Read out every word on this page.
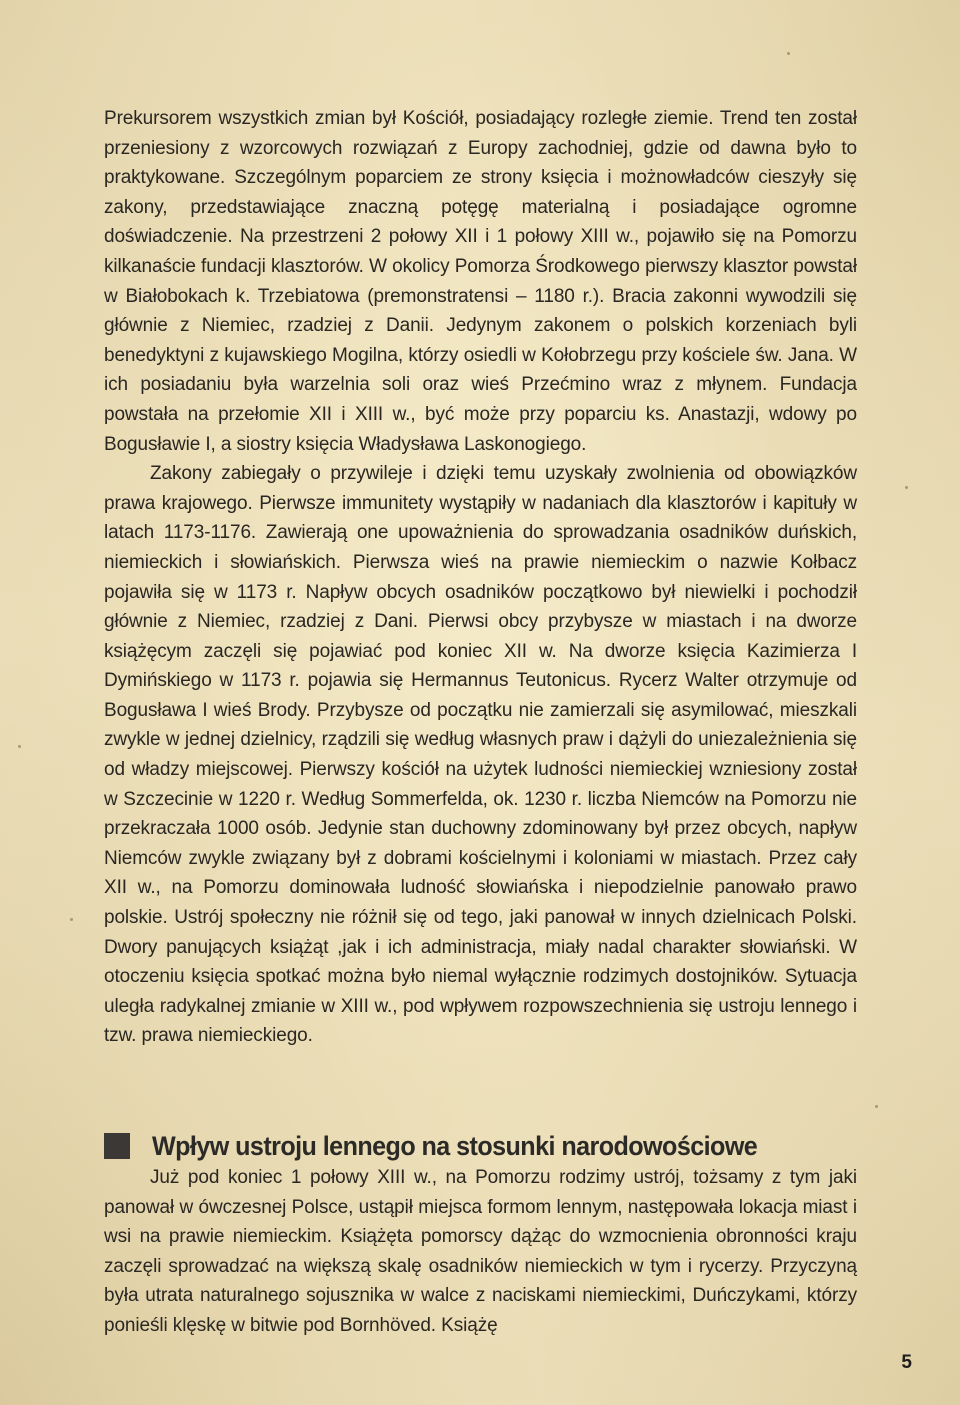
Prekursorem wszystkich zmian był Kościół, posiadający rozległe ziemie. Trend ten został przeniesiony z wzorcowych rozwiązań z Europy zachodniej, gdzie od dawna było to praktykowane. Szczególnym poparciem ze strony księcia i możnowładców cieszyły się zakony, przedstawiające znaczną potęgę materialną i posiadające ogromne doświadczenie. Na przestrzeni 2 połowy XII i 1 połowy XIII w., pojawiło się na Pomorzu kilkanaście fundacji klasztorów. W okolicy Pomorza Środkowego pierwszy klasztor powstał w Białobokach k. Trzebiatowa (premonstratensi – 1180 r.). Bracia zakonni wywodzili się głównie z Niemiec, rzadziej z Danii. Jedynym zakonem o polskich korzeniach byli benedyktyni z kujawskiego Mogilna, którzy osiedli w Kołobrzegu przy kościele św. Jana. W ich posiadaniu była warzelnia soli oraz wieś Przećmino wraz z młynem. Fundacja powstała na przełomie XII i XIII w., być może przy poparciu ks. Anastazji, wdowy po Bogusławie I, a siostry księcia Władysława Laskonogiego.

Zakony zabiegały o przywileje i dzięki temu uzyskały zwolnienia od obowiązków prawa krajowego. Pierwsze immunitety wystąpiły w nadaniach dla klasztorów i kapituły w latach 1173-1176. Zawierają one upoważnienia do sprowadzania osadników duńskich, niemieckich i słowiańskich. Pierwsza wieś na prawie niemieckim o nazwie Kołbacz pojawiła się w 1173 r. Napływ obcych osadników początkowo był niewielki i pochodził głównie z Niemiec, rzadziej z Dani. Pierwsi obcy przybysze w miastach i na dworze książęcym zaczęli się pojawiać pod koniec XII w. Na dworze księcia Kazimierza I Dymińskiego w 1173 r. pojawia się Hermannus Teutonicus. Rycerz Walter otrzymuje od Bogusława I wieś Brody. Przybysze od początku nie zamierzali się asymilować, mieszkali zwykle w jednej dzielnicy, rządzili się według własnych praw i dążyli do uniezależnienia się od władzy miejscowej. Pierwszy kościół na użytek ludności niemieckiej wzniesiony został w Szczecinie w 1220 r. Według Sommerfelda, ok. 1230 r. liczba Niemców na Pomorzu nie przekraczała 1000 osób. Jedynie stan duchowny zdominowany był przez obcych, napływ Niemców zwykle związany był z dobrami kościelnymi i koloniami w miastach. Przez cały XII w., na Pomorzu dominowała ludność słowiańska i niepodzielnie panowało prawo polskie. Ustrój społeczny nie różnił się od tego, jaki panował w innych dzielnicach Polski. Dwory panujących książąt ,jak i ich administracja, miały nadal charakter słowiański. W otoczeniu księcia spotkać można było niemal wyłącznie rodzimych dostojników. Sytuacja uległa radykalnej zmianie w XIII w., pod wpływem rozpowszechnienia się ustroju lennego i tzw. prawa niemieckiego.

Wpływ ustroju lennego na stosunki narodowościowe

Już pod koniec 1 połowy XIII w., na Pomorzu rodzimy ustrój, tożsamy z tym jaki panował w ówczesnej Polsce, ustąpił miejsca formom lennym, następowała lokacja miast i wsi na prawie niemieckim. Książęta pomorscy dążąc do wzmocnienia obronności kraju zaczęli sprowadzać na większą skalę osadników niemieckich w tym i rycerzy. Przyczyną była utrata naturalnego sojusznika w walce z naciskami niemieckimi, Duńczykami, którzy ponieśli klęskę w bitwie pod Bornhöved. Książę

5
